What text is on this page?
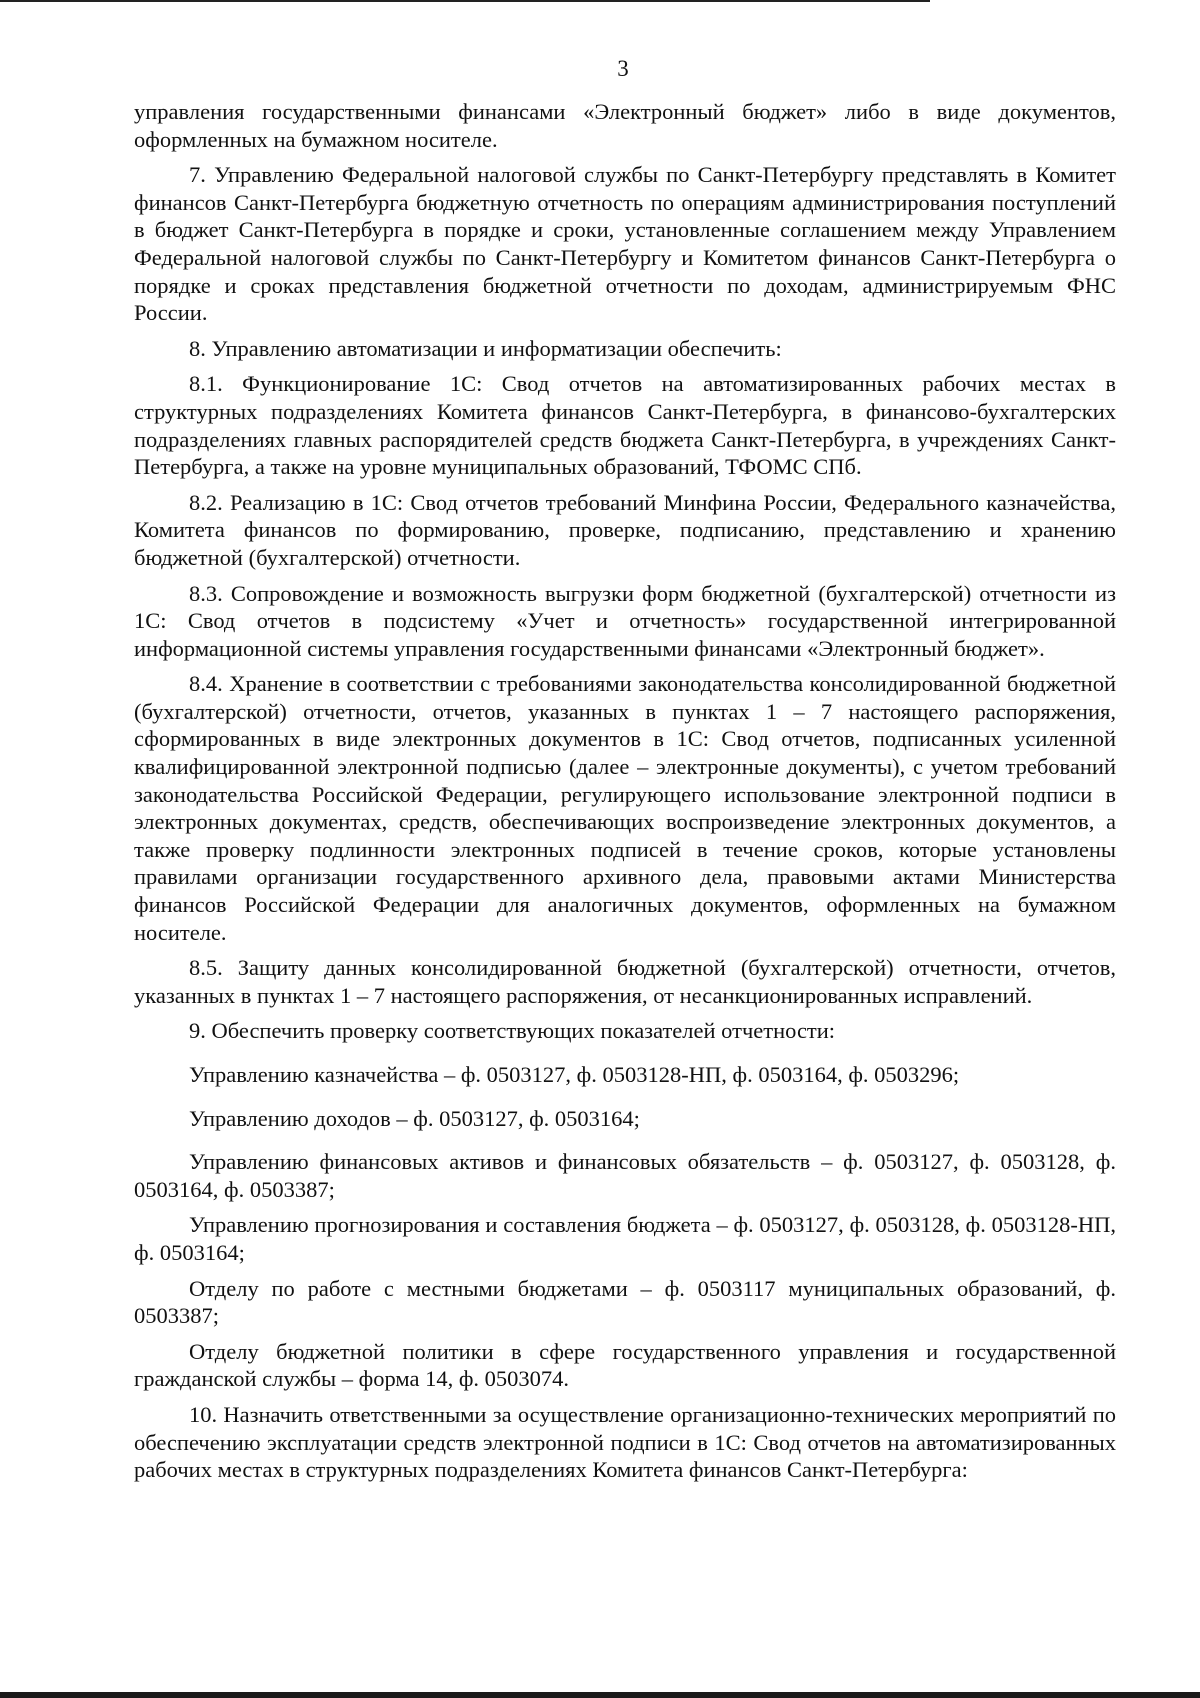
3

управления государственными финансами «Электронный бюджет» либо в виде документов, оформленных на бумажном носителе.

7. Управлению Федеральной налоговой службы по Санкт-Петербургу представлять в Комитет финансов Санкт-Петербурга бюджетную отчетность по операциям администрирования поступлений в бюджет Санкт-Петербурга в порядке и сроки, установленные соглашением между Управлением Федеральной налоговой службы по Санкт-Петербургу и Комитетом финансов Санкт-Петербурга о порядке и сроках представления бюджетной отчетности по доходам, администрируемым ФНС России.

8. Управлению автоматизации и информатизации обеспечить:

8.1. Функционирование 1С: Свод отчетов на автоматизированных рабочих местах в структурных подразделениях Комитета финансов Санкт-Петербурга, в финансово-бухгалтерских подразделениях главных распорядителей средств бюджета Санкт-Петербурга, в учреждениях Санкт-Петербурга, а также на уровне муниципальных образований, ТФОМС СПб.

8.2. Реализацию в 1С: Свод отчетов требований Минфина России, Федерального казначейства, Комитета финансов по формированию, проверке, подписанию, представлению и хранению бюджетной (бухгалтерской) отчетности.

8.3. Сопровождение и возможность выгрузки форм бюджетной (бухгалтерской) отчетности из 1С: Свод отчетов в подсистему «Учет и отчетность» государственной интегрированной информационной системы управления государственными финансами «Электронный бюджет».

8.4. Хранение в соответствии с требованиями законодательства консолидированной бюджетной (бухгалтерской) отчетности, отчетов, указанных в пунктах 1 – 7 настоящего распоряжения, сформированных в виде электронных документов в 1С: Свод отчетов, подписанных усиленной квалифицированной электронной подписью (далее – электронные документы), с учетом требований законодательства Российской Федерации, регулирующего использование электронной подписи в электронных документах, средств, обеспечивающих воспроизведение электронных документов, а также проверку подлинности электронных подписей в течение сроков, которые установлены правилами организации государственного архивного дела, правовыми актами Министерства финансов Российской Федерации для аналогичных документов, оформленных на бумажном носителе.

8.5. Защиту данных консолидированной бюджетной (бухгалтерской) отчетности, отчетов, указанных в пунктах 1 – 7 настоящего распоряжения, от несанкционированных исправлений.

9. Обеспечить проверку соответствующих показателей отчетности:

Управлению казначейства – ф. 0503127, ф. 0503128-НП, ф. 0503164, ф. 0503296;

Управлению доходов – ф. 0503127, ф. 0503164;

Управлению финансовых активов и финансовых обязательств – ф. 0503127, ф. 0503128, ф. 0503164, ф. 0503387;

Управлению прогнозирования и составления бюджета – ф. 0503127, ф. 0503128, ф. 0503128-НП, ф. 0503164;

Отделу по работе с местными бюджетами – ф. 0503117 муниципальных образований, ф. 0503387;

Отделу бюджетной политики в сфере государственного управления и государственной гражданской службы – форма 14, ф. 0503074.

10. Назначить ответственными за осуществление организационно-технических мероприятий по обеспечению эксплуатации средств электронной подписи в 1С: Свод отчетов на автоматизированных рабочих местах в структурных подразделениях Комитета финансов Санкт-Петербурга:
